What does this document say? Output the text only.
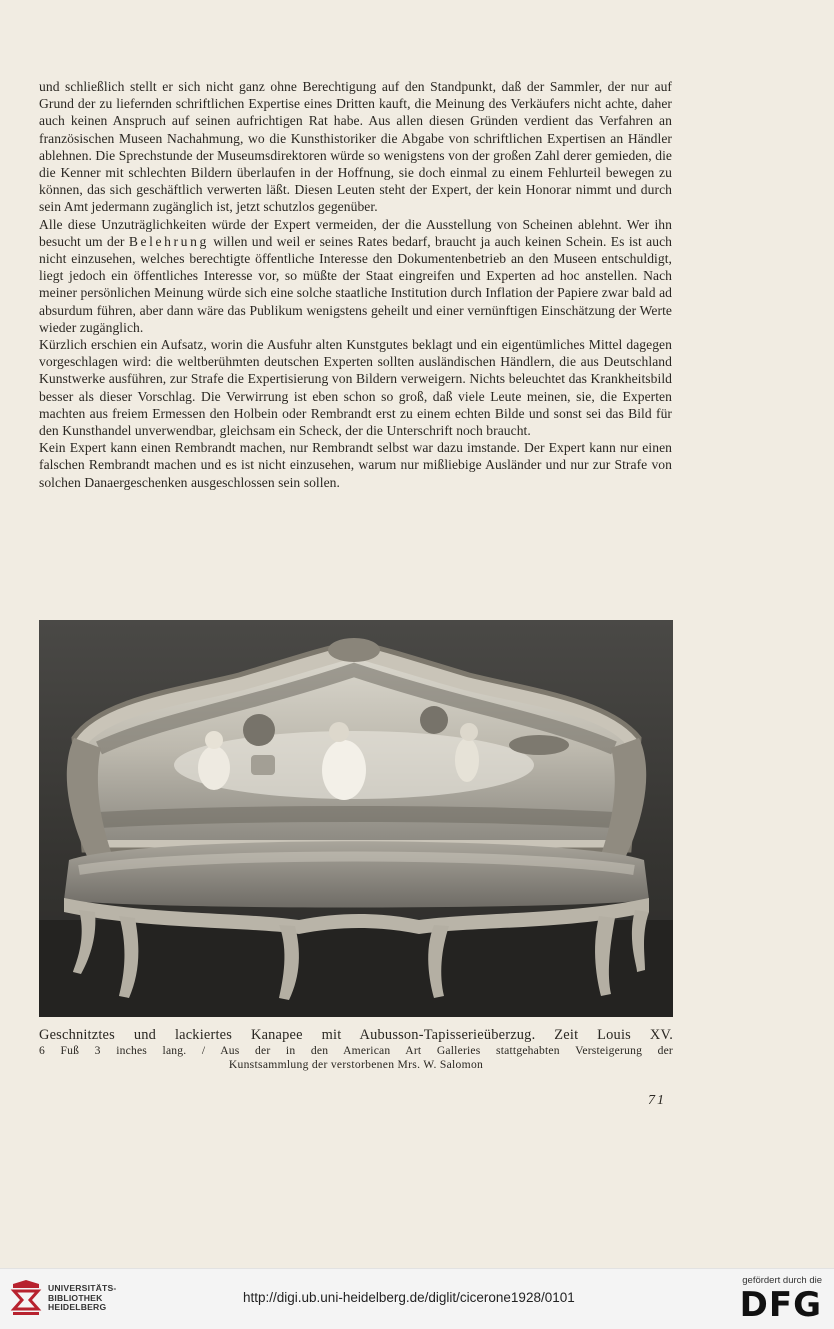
und schließlich stellt er sich nicht ganz ohne Berechtigung auf den Standpunkt, daß der Sammler, der nur auf Grund der zu liefernden schriftlichen Expertise eines Dritten kauft, die Meinung des Verkäufers nicht achte, daher auch keinen Anspruch auf seinen aufrichtigen Rat habe. Aus allen diesen Gründen verdient das Verfahren an französischen Museen Nachahmung, wo die Kunsthistoriker die Abgabe von schriftlichen Expertisen an Händler ablehnen. Die Sprechstunde der Museumsdirektoren würde so wenigstens von der großen Zahl derer gemieden, die die Kenner mit schlechten Bildern überlaufen in der Hoffnung, sie doch einmal zu einem Fehlurteil bewegen zu können, das sich geschäftlich verwerten läßt. Diesen Leuten steht der Expert, der kein Honorar nimmt und durch sein Amt jedermann zugänglich ist, jetzt schutzlos gegenüber.

Alle diese Unzuträglichkeiten würde der Expert vermeiden, der die Ausstellung von Scheinen ablehnt. Wer ihn besucht um der Belehrung willen und weil er seines Rates bedarf, braucht ja auch keinen Schein. Es ist auch nicht einzusehen, welches berechtigte öffentliche Interesse den Dokumentenbetrieb an den Museen entschuldigt, liegt jedoch ein öffentliches Interesse vor, so müßte der Staat eingreifen und Experten ad hoc anstellen. Nach meiner persönlichen Meinung würde sich eine solche staatliche Institution durch Inflation der Papiere zwar bald ad absurdum führen, aber dann wäre das Publikum wenigstens geheilt und einer vernünftigen Einschätzung der Werte wieder zugänglich.

Kürzlich erschien ein Aufsatz, worin die Ausfuhr alten Kunstgutes beklagt und ein eigentümliches Mittel dagegen vorgeschlagen wird: die weltberühmten deutschen Experten sollten ausländischen Händlern, die aus Deutschland Kunstwerke ausführen, zur Strafe die Expertisierung von Bildern verweigern. Nichts beleuchtet das Krankheitsbild besser als dieser Vorschlag. Die Verwirrung ist eben schon so groß, daß viele Leute meinen, sie, die Experten machten aus freiem Ermessen den Holbein oder Rembrandt erst zu einem echten Bilde und sonst sei das Bild für den Kunsthandel unverwendbar, gleichsam ein Scheck, der die Unterschrift noch braucht.

Kein Expert kann einen Rembrandt machen, nur Rembrandt selbst war dazu imstande. Der Expert kann nur einen falschen Rembrandt machen und es ist nicht einzusehen, warum nur mißliebige Ausländer und nur zur Strafe von solchen Danaergeschenken ausgeschlossen sein sollen.

Geschnitztes und lackiertes Kanapee mit Aubusson-Tapisserieüberzug. Zeit Louis XV.
6 Fuß 3 inches lang. / Aus der in den American Art Galleries stattgehabten Versteigerung der
Kunstsammlung der verstorbenen Mrs. W. Salomon
71
UNIVERSITÄTS-
BIBLIOTHEK
HEIDELBERG
http://digi.ub.uni-heidelberg.de/diglit/cicerone1928/0101
gefördert durch die
DFG
